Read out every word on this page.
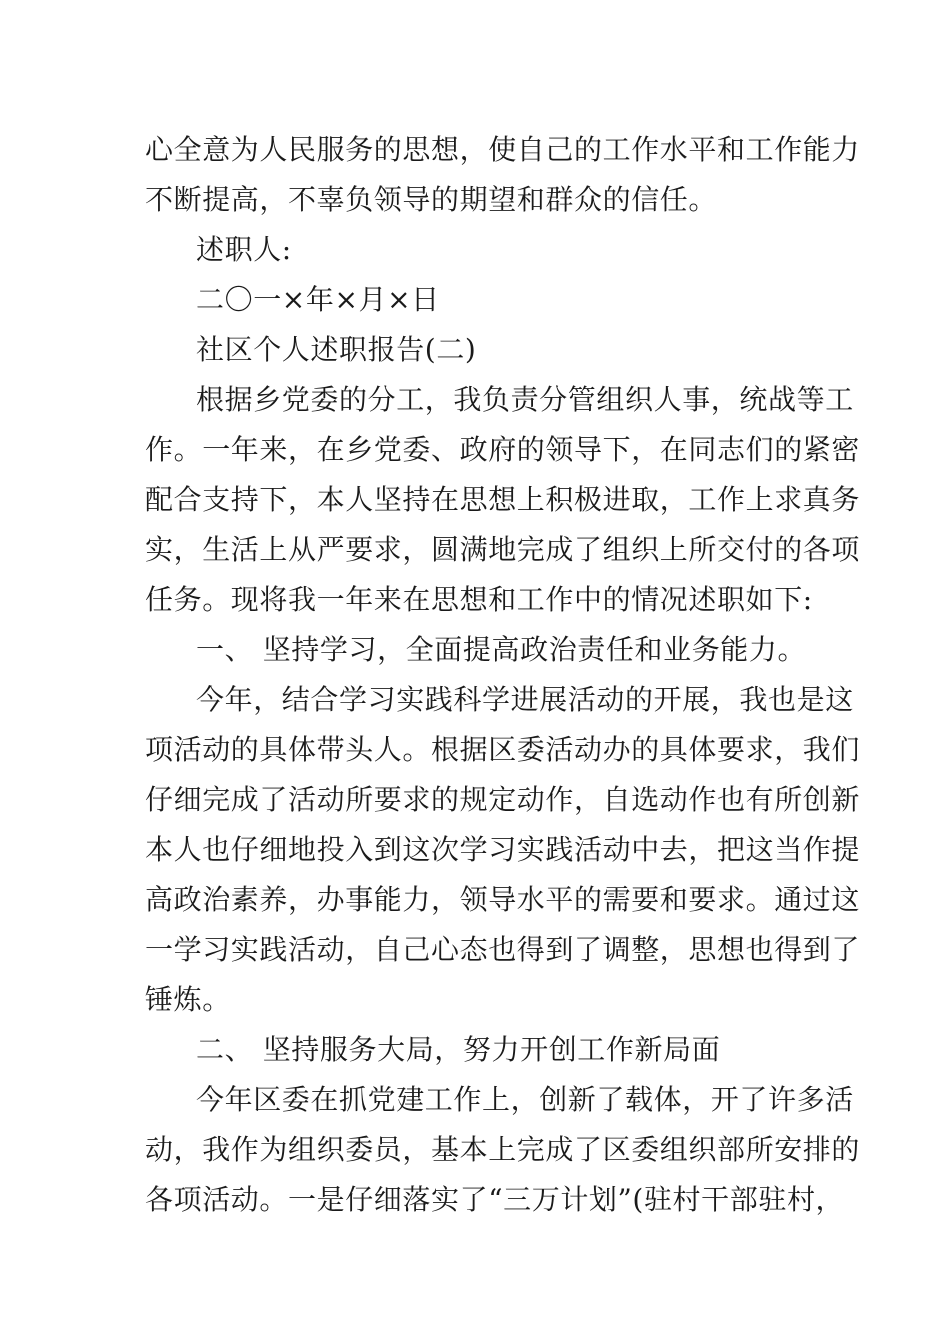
心全意为人民服务的思想，使自己的工作水平和工作能力
不断提高，不辜负领导的期望和群众的信任。
述职人:
二〇一×年×月×日
社区个人述职报告(二)
根据乡党委的分工，我负责分管组织人事，统战等工
作。一年来，在乡党委、政府的领导下，在同志们的紧密
配合支持下，本人坚持在思想上积极进取，工作上求真务
实，生活上从严要求，圆满地完成了组织上所交付的各项
任务。现将我一年来在思想和工作中的情况述职如下:
一、 坚持学习，全面提高政治责任和业务能力。
今年，结合学习实践科学进展活动的开展，我也是这
项活动的具体带头人。根据区委活动办的具体要求，我们
仔细完成了活动所要求的规定动作，自选动作也有所创新
本人也仔细地投入到这次学习实践活动中去，把这当作提
高政治素养，办事能力，领导水平的需要和要求。通过这
一学习实践活动，自己心态也得到了调整，思想也得到了
锤炼。
二、 坚持服务大局，努力开创工作新局面
今年区委在抓党建工作上，创新了载体，开了许多活
动，我作为组织委员，基本上完成了区委组织部所安排的
各项活动。一是仔细落实了“三万计划”(驻村干部驻村，
